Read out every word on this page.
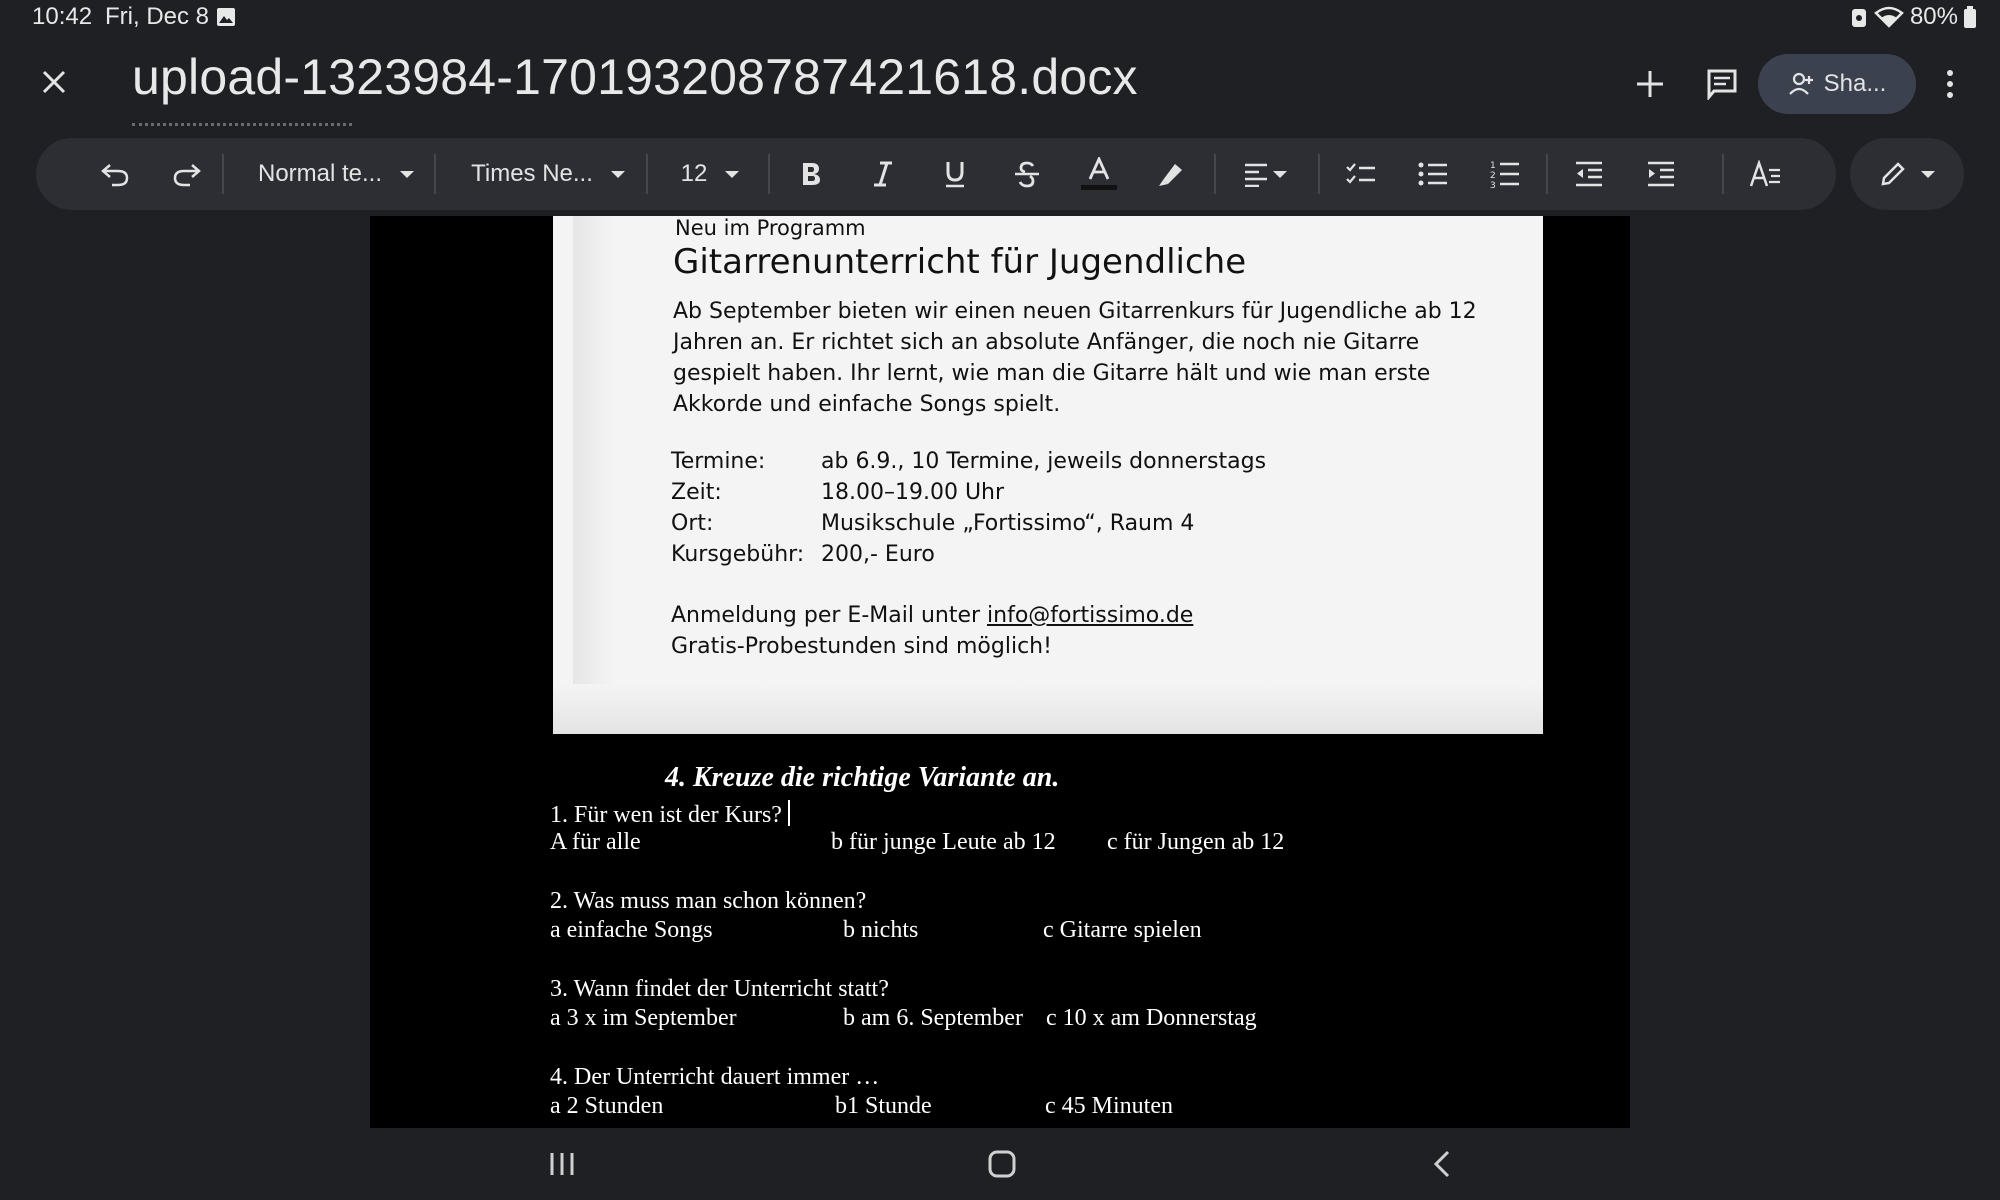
10:42 Fri, Dec 8	80%
upload-1323984-170193208787421618.docx	Sha...
Normal te...	Times Ne...	12	1
2
3
Neu im Programm
Gitarrenunterricht für Jugendliche
Ab September bieten wir einen neuen Gitarrenkurs für Jugendliche ab 12 Jahren an. Er richtet sich an absolute Anfänger, die noch nie Gitarre gespielt haben. Ihr lernt, wie man die Gitarre hält und wie man erste Akkorde und einfache Songs spielt.
Termine:	ab 6.9., 10 Termine, jeweils donnerstags
Zeit:	18.00–19.00 Uhr
Ort:	Musikschule „Fortissimo“, Raum 4
Kursgebühr: 200,- Euro
Anmeldung per E-Mail unter info@fortissimo.de
Gratis-Probestunden sind möglich!
4. Kreuze die richtige Variante an.
1. Für wen ist der Kurs?
A für alle	b für junge Leute ab 12 c für Jungen ab 12
2. Was muss man schon können?
a einfache Songs	b nichts	c Gitarre spielen
3. Wann findet der Unterricht statt?
a 3 x im September	b am 6. September c 10 x am Donnerstag
4. Der Unterricht dauert immer …
a 2 Stunden	b1 Stunde	c 45 Minuten
